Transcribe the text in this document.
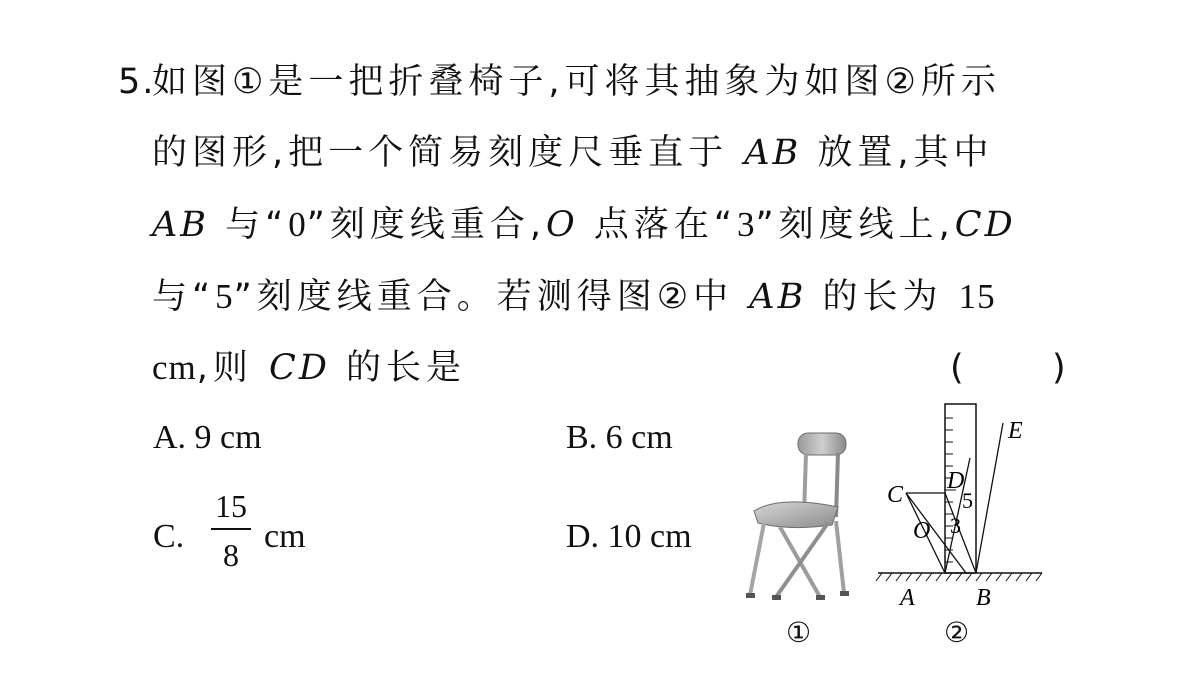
5.
如图①是一把折叠椅子,可将其抽象为如图②所示
的图形,把一个简易刻度尺垂直于 AB 放置,其中
AB 与“0”刻度线重合,O 点落在“3”刻度线上,CD
与“5”刻度线重合。若测得图②中 AB 的长为 15
cm,则 CD 的长是	(	)
A. 9 cm	B. 6 cm
C.
15
8 cm	D. 10 cm
①
E
C
D
5
O 3
A	B
②
